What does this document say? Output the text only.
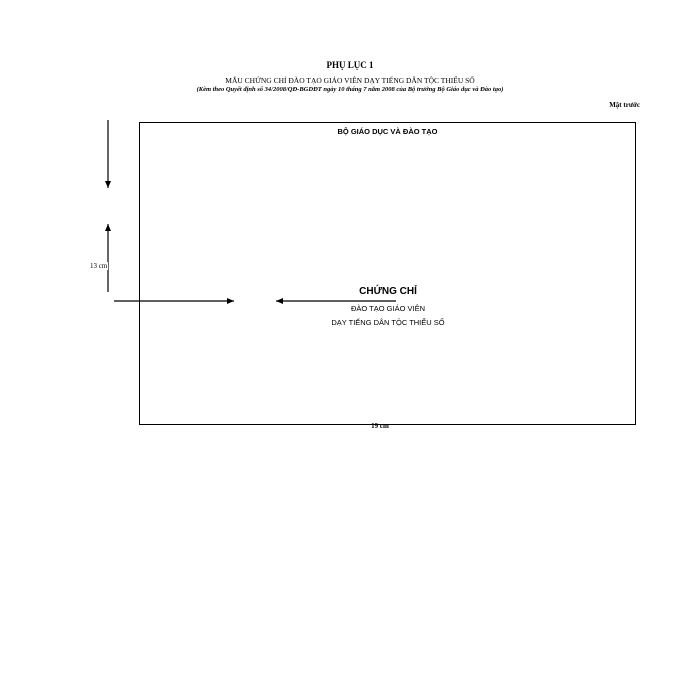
PHỤ LỤC 1
MẪU CHỨNG CHỈ ĐÀO TẠO GIÁO VIÊN DẠY TIẾNG DÂN TỘC THIỂU SỐ
(Kèm theo Quyết định số 34/2008/QĐ-BGDĐT ngày 10 tháng 7 năm 2008 của Bộ trưởng Bộ Giáo dục và Đào tạo)
Mặt trước
BỘ GIÁO DỤC VÀ ĐÀO TẠO
CHỨNG CHỈ
ĐÀO TẠO GIÁO VIÊN
DẠY TIẾNG DÂN TỘC THIỂU SỐ
13 cm
19 cm
